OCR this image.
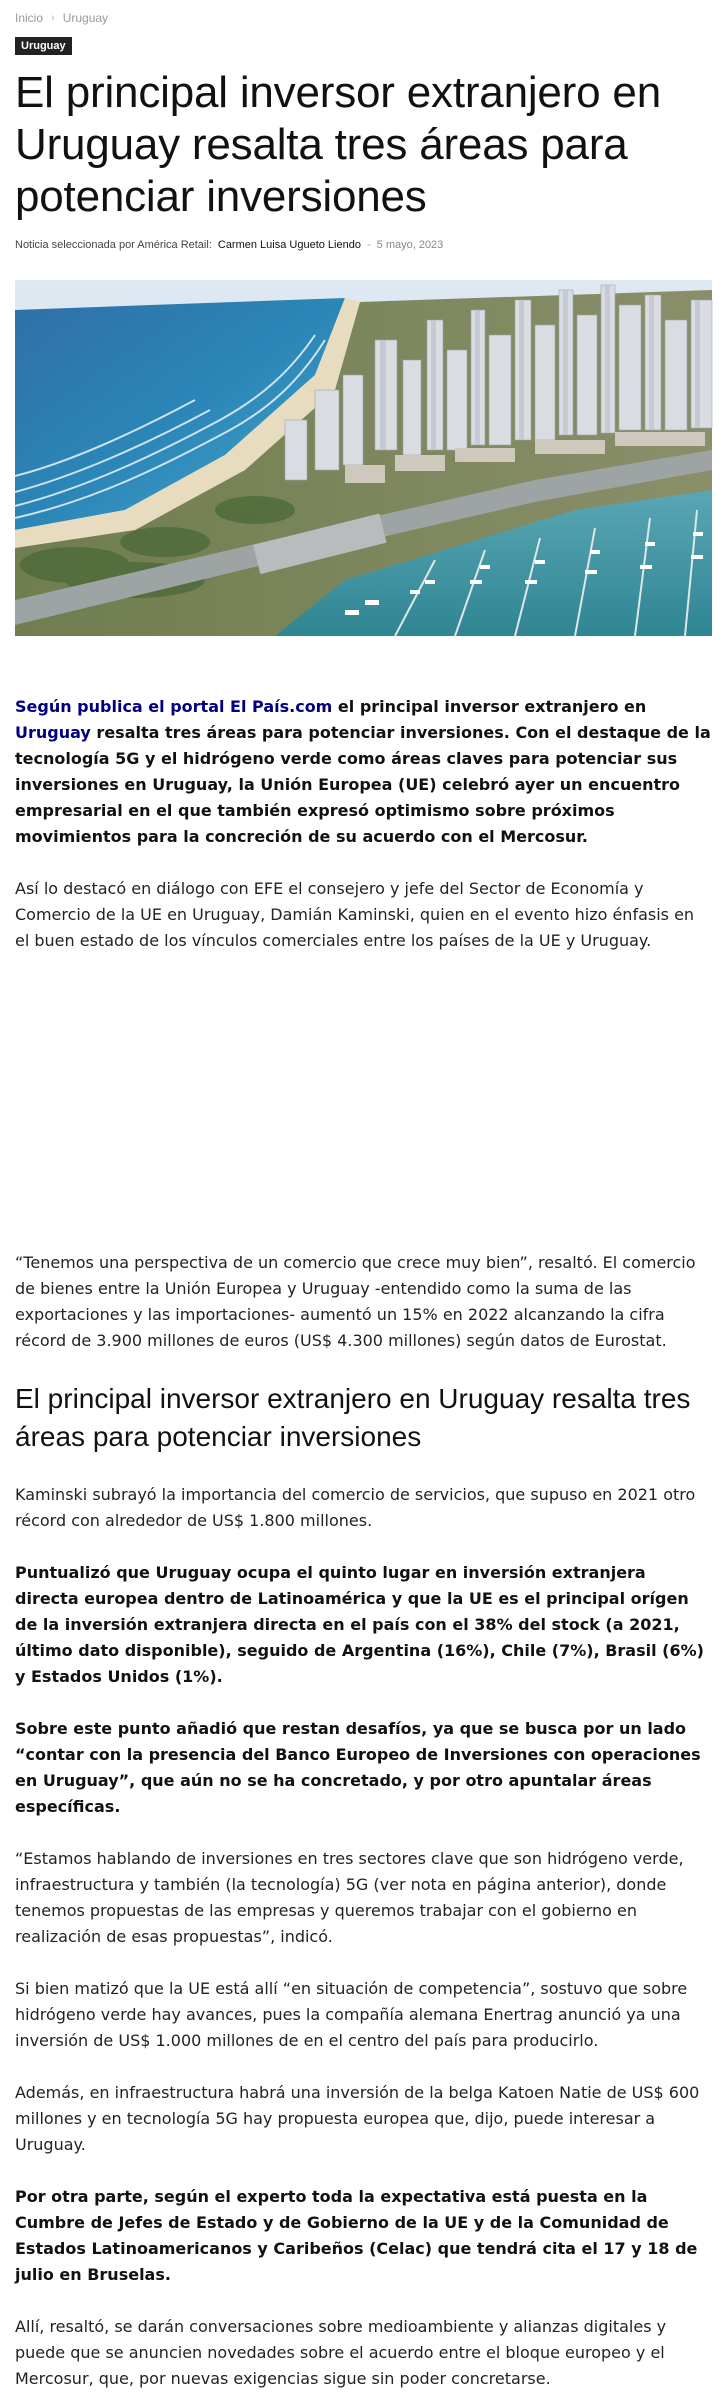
Inicio › Uruguay
Uruguay
El principal inversor extranjero en Uruguay resalta tres áreas para potenciar inversiones
Noticia seleccionada por América Retail: Carmen Luisa Ugueto Liendo - 5 mayo, 2023

Según publica el portal El País.com el principal inversor extranjero en Uruguay resalta tres áreas para potenciar inversiones. Con el destaque de la tecnología 5G y el hidrógeno verde como áreas claves para potenciar sus inversiones en Uruguay, la Unión Europea (UE) celebró ayer un encuentro empresarial en el que también expresó optimismo sobre próximos movimientos para la concreción de su acuerdo con el Mercosur.

Así lo destacó en diálogo con EFE el consejero y jefe del Sector de Economía y Comercio de la UE en Uruguay, Damián Kaminski, quien en el evento hizo énfasis en el buen estado de los vínculos comerciales entre los países de la UE y Uruguay.

“Tenemos una perspectiva de un comercio que crece muy bien”, resaltó. El comercio de bienes entre la Unión Europea y Uruguay -entendido como la suma de las exportaciones y las importaciones- aumentó un 15% en 2022 alcanzando la cifra récord de 3.900 millones de euros (US$ 4.300 millones) según datos de Eurostat.

El principal inversor extranjero en Uruguay resalta tres áreas para potenciar inversiones

Kaminski subrayó la importancia del comercio de servicios, que supuso en 2021 otro récord con alrededor de US$ 1.800 millones.

Puntualizó que Uruguay ocupa el quinto lugar en inversión extranjera directa europea dentro de Latinoamérica y que la UE es el principal orígen de la inversión extranjera directa en el país con el 38% del stock (a 2021, último dato disponible), seguido de Argentina (16%), Chile (7%), Brasil (6%) y Estados Unidos (1%).

Sobre este punto añadió que restan desafíos, ya que se busca por un lado “contar con la presencia del Banco Europeo de Inversiones con operaciones en Uruguay”, que aún no se ha concretado, y por otro apuntalar áreas específicas.

“Estamos hablando de inversiones en tres sectores clave que son hidrógeno verde, infraestructura y también (la tecnología) 5G (ver nota en página anterior), donde tenemos propuestas de las empresas y queremos trabajar con el gobierno en realización de esas propuestas”, indicó.

Si bien matizó que la UE está allí “en situación de competencia”, sostuvo que sobre hidrógeno verde hay avances, pues la compañía alemana Enertrag anunció ya una inversión de US$ 1.000 millones de en el centro del país para producirlo.

Además, en infraestructura habrá una inversión de la belga Katoen Natie de US$ 600 millones y en tecnología 5G hay propuesta europea que, dijo, puede interesar a Uruguay.

Por otra parte, según el experto toda la expectativa está puesta en la Cumbre de Jefes de Estado y de Gobierno de la UE y de la Comunidad de Estados Latinoamericanos y Caribeños (Celac) que tendrá cita el 17 y 18 de julio en Bruselas.

Allí, resaltó, se darán conversaciones sobre medioambiente y alianzas digitales y puede que se anuncien novedades sobre el acuerdo entre el bloque europeo y el Mercosur, que, por nuevas exigencias sigue sin poder concretarse.
